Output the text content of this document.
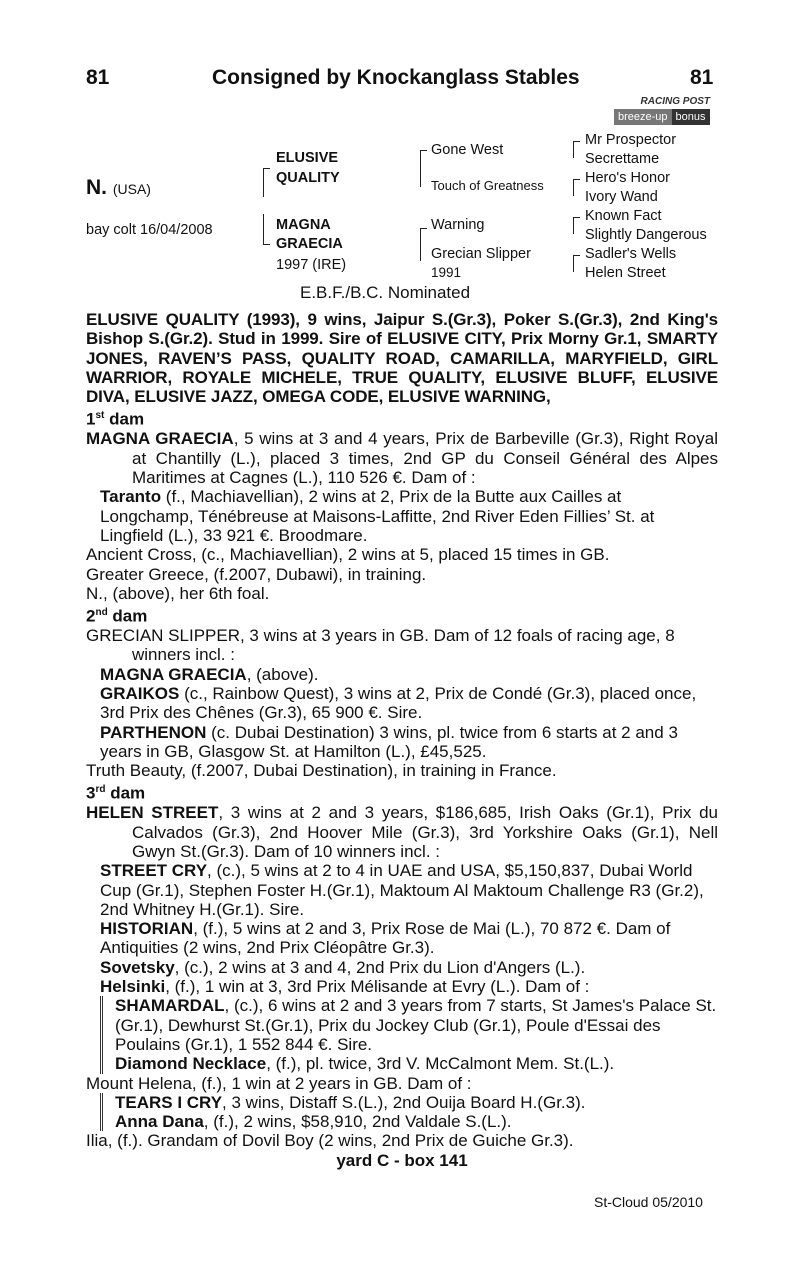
81	Consigned by Knockanglass Stables	81
RACING POST
breeze-up bonus
N. (USA)
bay colt 16/04/2008
ELUSIVE
QUALITY
MAGNA
GRAECIA
1997 (IRE)
Gone West
Touch of Greatness
Warning
Grecian Slipper
1991
Mr Prospector
Secrettame
Hero's Honor
Ivory Wand
Known Fact
Slightly Dangerous
Sadler's Wells
Helen Street
E.B.F./B.C. Nominated
ELUSIVE QUALITY (1993), 9 wins, Jaipur S.(Gr.3), Poker S.(Gr.3), 2nd King's Bishop S.(Gr.2). Stud in 1999. Sire of ELUSIVE CITY, Prix Morny Gr.1, SMARTY JONES, RAVEN’S PASS, QUALITY ROAD, CAMARILLA, MARYFIELD, GIRL WARRIOR, ROYALE MICHELE, TRUE QUALITY, ELUSIVE BLUFF, ELUSIVE DIVA, ELUSIVE JAZZ, OMEGA CODE, ELUSIVE WARNING,
1st dam
MAGNA GRAECIA, 5 wins at 3 and 4 years, Prix de Barbeville (Gr.3), Right Royal at Chantilly (L.), placed 3 times, 2nd GP du Conseil Général des Alpes Maritimes at Cagnes (L.), 110 526 €. Dam of :
Taranto (f., Machiavellian), 2 wins at 2, Prix de la Butte aux Cailles at Longchamp, Ténébreuse at Maisons-Laffitte, 2nd River Eden Fillies’ St. at Lingfield (L.), 33 921 €. Broodmare.
Ancient Cross, (c., Machiavellian), 2 wins at 5, placed 15 times in GB.
Greater Greece, (f.2007, Dubawi), in training.
N., (above), her 6th foal.
2nd dam
GRECIAN SLIPPER, 3 wins at 3 years in GB. Dam of 12 foals of racing age, 8 winners incl. :
MAGNA GRAECIA, (above).
GRAIKOS (c., Rainbow Quest), 3 wins at 2, Prix de Condé (Gr.3), placed once, 3rd Prix des Chênes (Gr.3), 65 900 €. Sire.
PARTHENON (c. Dubai Destination) 3 wins, pl. twice from 6 starts at 2 and 3 years in GB, Glasgow St. at Hamilton (L.), £45,525.
Truth Beauty, (f.2007, Dubai Destination), in training in France.
3rd dam
HELEN STREET, 3 wins at 2 and 3 years, $186,685, Irish Oaks (Gr.1), Prix du Calvados (Gr.3), 2nd Hoover Mile (Gr.3), 3rd Yorkshire Oaks (Gr.1), Nell Gwyn St.(Gr.3). Dam of 10 winners incl. :
STREET CRY, (c.), 5 wins at 2 to 4 in UAE and USA, $5,150,837, Dubai World Cup (Gr.1), Stephen Foster H.(Gr.1), Maktoum Al Maktoum Challenge R3 (Gr.2), 2nd Whitney H.(Gr.1). Sire.
HISTORIAN, (f.), 5 wins at 2 and 3, Prix Rose de Mai (L.), 70 872 €. Dam of Antiquities (2 wins, 2nd Prix Cléopâtre Gr.3).
Sovetsky, (c.), 2 wins at 3 and 4, 2nd Prix du Lion d'Angers (L.).
Helsinki, (f.), 1 win at 3, 3rd Prix Mélisande at Evry (L.). Dam of :
SHAMARDAL, (c.), 6 wins at 2 and 3 years from 7 starts, St James's Palace St.(Gr.1), Dewhurst St.(Gr.1), Prix du Jockey Club (Gr.1), Poule d'Essai des Poulains (Gr.1), 1 552 844 €. Sire.
Diamond Necklace, (f.), pl. twice, 3rd V. McCalmont Mem. St.(L.).
Mount Helena, (f.), 1 win at 2 years in GB. Dam of :
TEARS I CRY, 3 wins, Distaff S.(L.), 2nd Ouija Board H.(Gr.3).
Anna Dana, (f.), 2 wins, $58,910, 2nd Valdale S.(L.).
Ilia, (f.). Grandam of Dovil Boy (2 wins, 2nd Prix de Guiche Gr.3).
yard C - box 141
St-Cloud 05/2010
